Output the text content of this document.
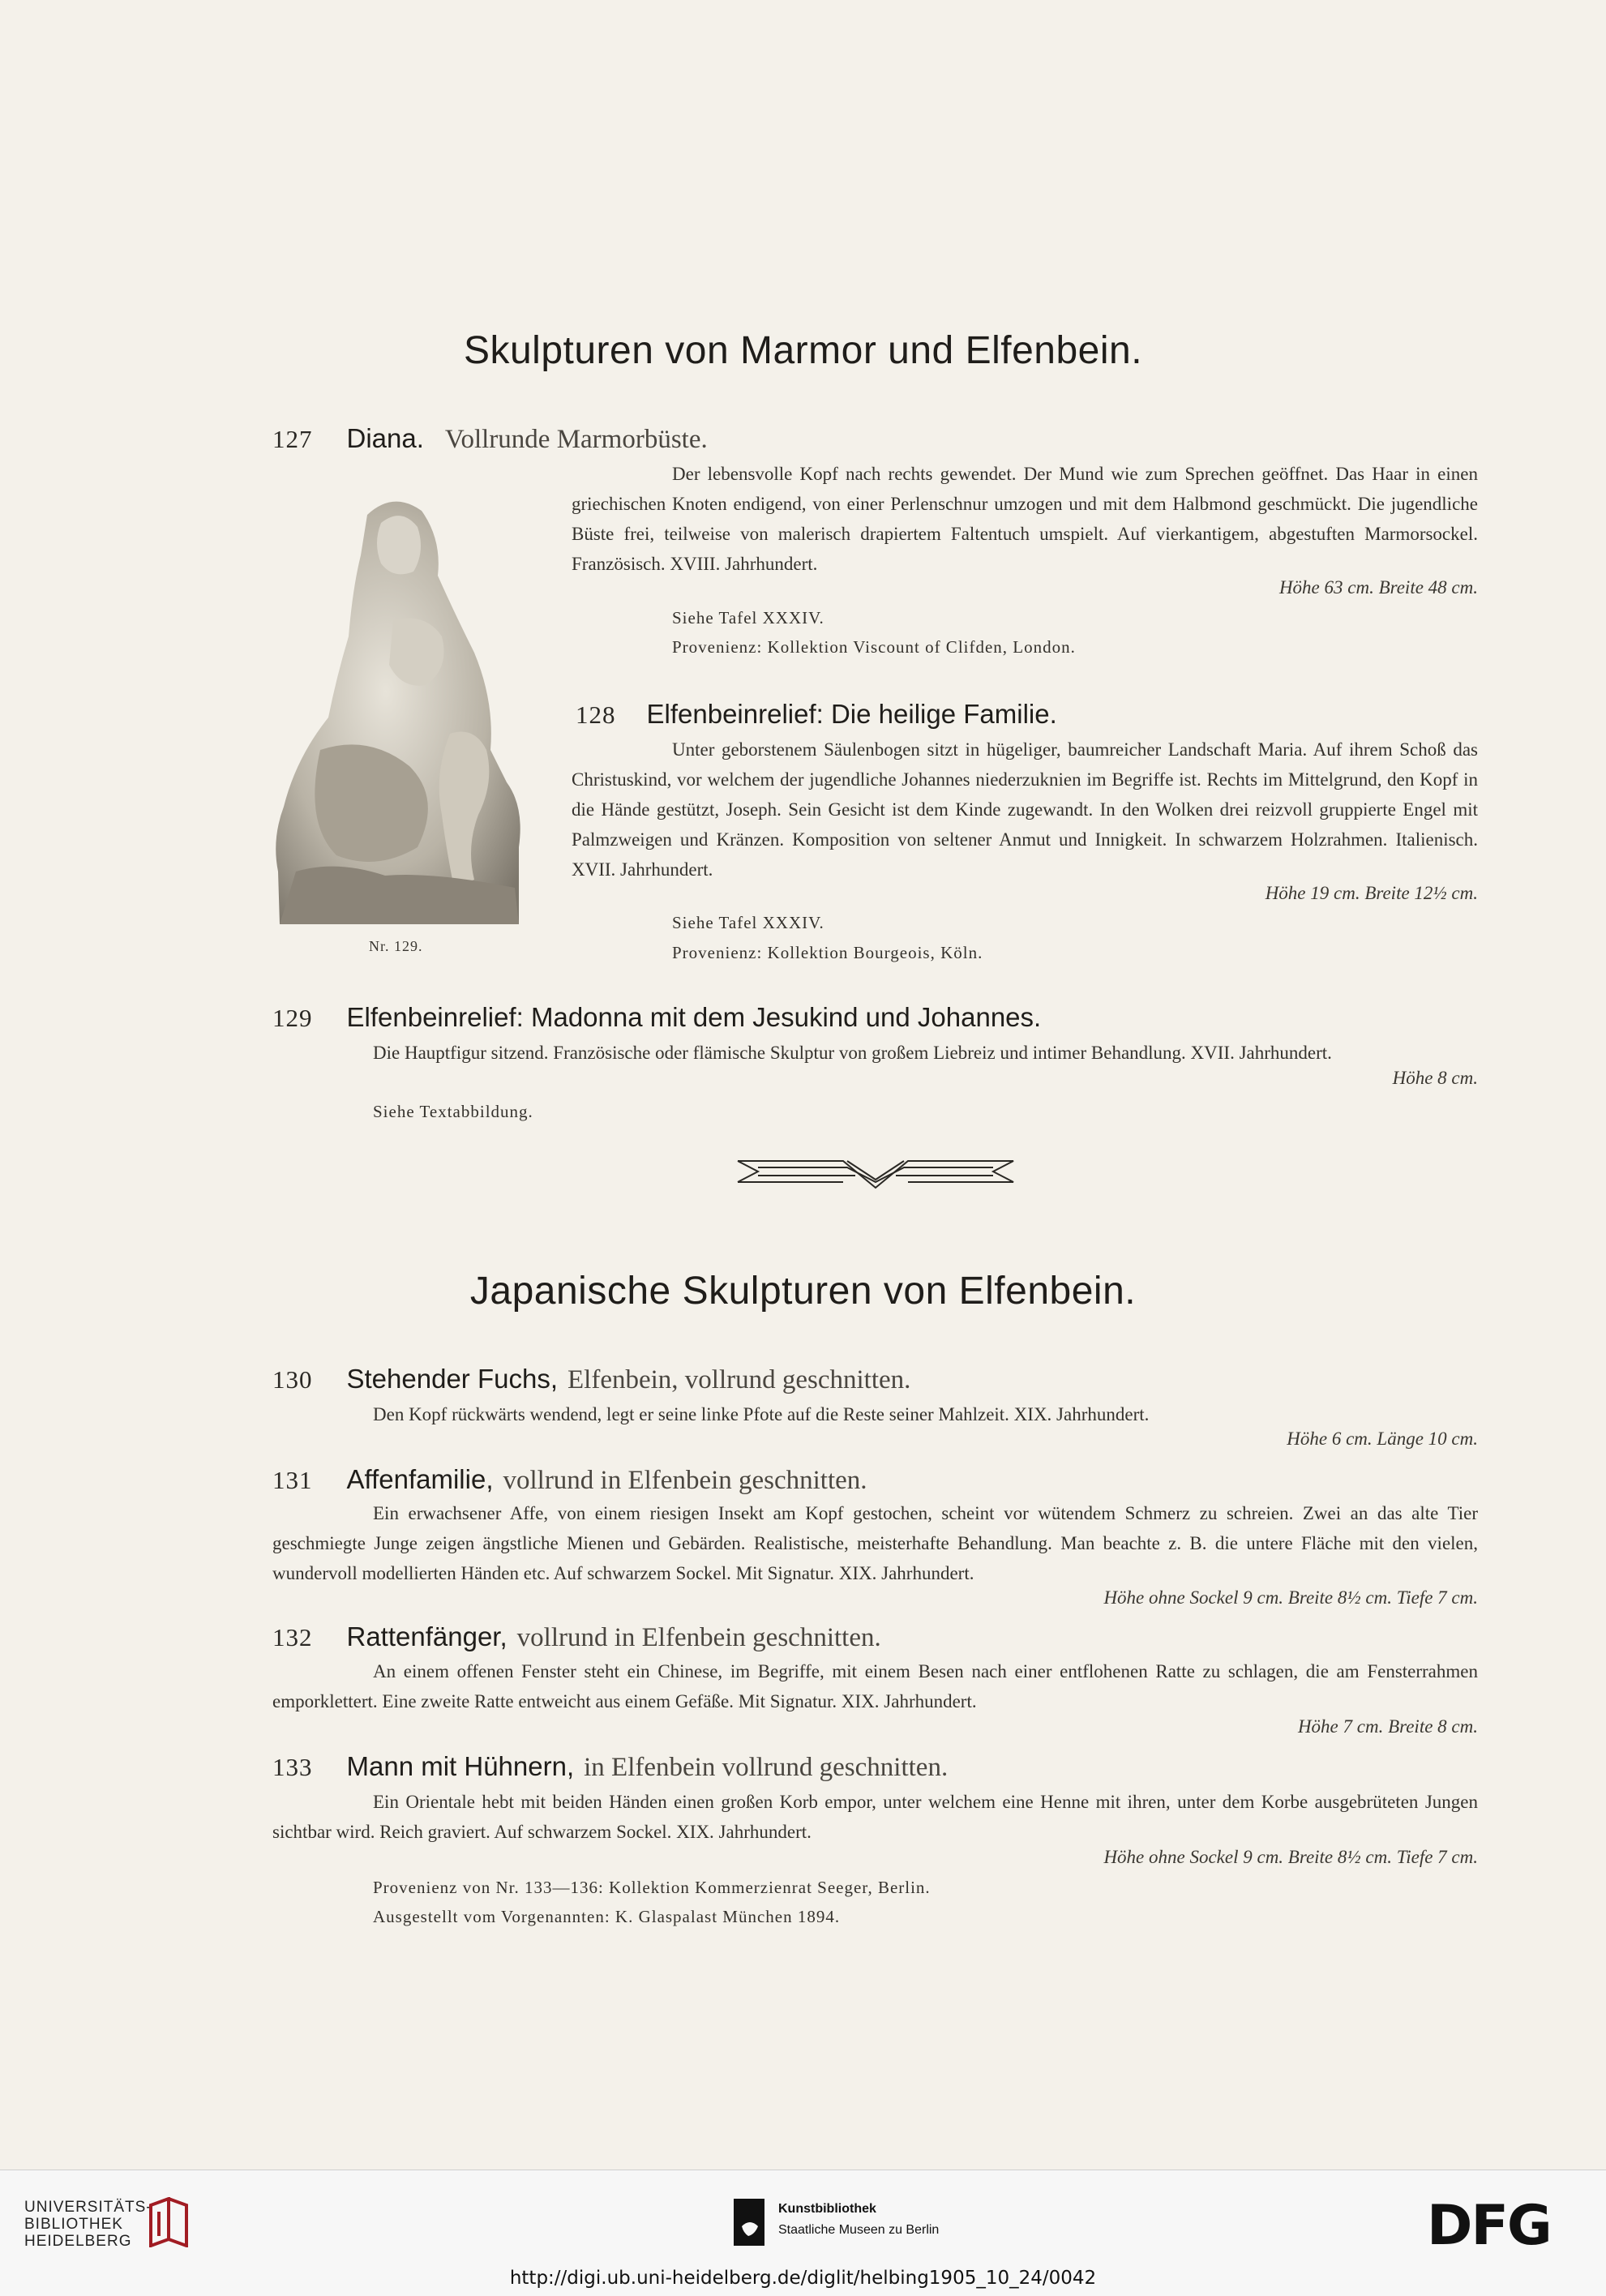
Skulpturen von Marmor und Elfenbein.
127 Diana. Vollrunde Marmorbüste.
Der lebensvolle Kopf nach rechts gewendet. Der Mund wie zum Sprechen geöffnet. Das Haar in einen griechischen Knoten endigend, von einer Perlenschnur umzogen und mit dem Halbmond geschmückt. Die jugendliche Büste frei, teilweise von malerisch drapiertem Faltentuch umspielt. Auf vierkantigem, abgestuften Marmorsockel. Französisch. XVIII. Jahrhundert.
Höhe 63 cm. Breite 48 cm.
Siehe Tafel XXXIV.
Provenienz: Kollektion Viscount of Clifden, London.
Nr. 129.
128 Elfenbeinrelief: Die heilige Familie.
Unter geborstenem Säulenbogen sitzt in hügeliger, baumreicher Landschaft Maria. Auf ihrem Schoß das Christuskind, vor welchem der jugendliche Johannes niederzuknien im Begriffe ist. Rechts im Mittelgrund, den Kopf in die Hände gestützt, Joseph. Sein Gesicht ist dem Kinde zugewandt. In den Wolken drei reizvoll gruppierte Engel mit Palmzweigen und Kränzen. Komposition von seltener Anmut und Innigkeit. In schwarzem Holzrahmen. Italienisch. XVII. Jahrhundert.
Höhe 19 cm. Breite 12½ cm.
Siehe Tafel XXXIV.
Provenienz: Kollektion Bourgeois, Köln.
129 Elfenbeinrelief: Madonna mit dem Jesukind und Johannes.
Die Hauptfigur sitzend. Französische oder flämische Skulptur von großem Liebreiz und intimer Behandlung. XVII. Jahrhundert.
Höhe 8 cm.
Siehe Textabbildung.
Japanische Skulpturen von Elfenbein.
130 Stehender Fuchs, Elfenbein, vollrund geschnitten.
Den Kopf rückwärts wendend, legt er seine linke Pfote auf die Reste seiner Mahlzeit. XIX. Jahrhundert.
Höhe 6 cm. Länge 10 cm.
131 Affenfamilie, vollrund in Elfenbein geschnitten.
Ein erwachsener Affe, von einem riesigen Insekt am Kopf gestochen, scheint vor wütendem Schmerz zu schreien. Zwei an das alte Tier geschmiegte Junge zeigen ängstliche Mienen und Gebärden. Realistische, meisterhafte Behandlung. Man beachte z. B. die untere Fläche mit den vielen, wundervoll modellierten Händen etc. Auf schwarzem Sockel. Mit Signatur. XIX. Jahrhundert.
Höhe ohne Sockel 9 cm. Breite 8½ cm. Tiefe 7 cm.
132 Rattenfänger, vollrund in Elfenbein geschnitten.
An einem offenen Fenster steht ein Chinese, im Begriffe, mit einem Besen nach einer entflohenen Ratte zu schlagen, die am Fensterrahmen emporklettert. Eine zweite Ratte entweicht aus einem Gefäße. Mit Signatur. XIX. Jahrhundert.
Höhe 7 cm. Breite 8 cm.
133 Mann mit Hühnern, in Elfenbein vollrund geschnitten.
Ein Orientale hebt mit beiden Händen einen großen Korb empor, unter welchem eine Henne mit ihren, unter dem Korbe ausgebrüteten Jungen sichtbar wird. Reich graviert. Auf schwarzem Sockel. XIX. Jahrhundert.
Höhe ohne Sockel 9 cm. Breite 8½ cm. Tiefe 7 cm.
Provenienz von Nr. 133—136: Kollektion Kommerzienrat Seeger, Berlin.
Ausgestellt vom Vorgenannten: K. Glaspalast München 1894.
UNIVERSITÄTS-
BIBLIOTHEK
HEIDELBERG
Kunstbibliothek
Staatliche Museen zu Berlin	DFG
http://digi.ub.uni-heidelberg.de/diglit/helbing1905_10_24/0042
